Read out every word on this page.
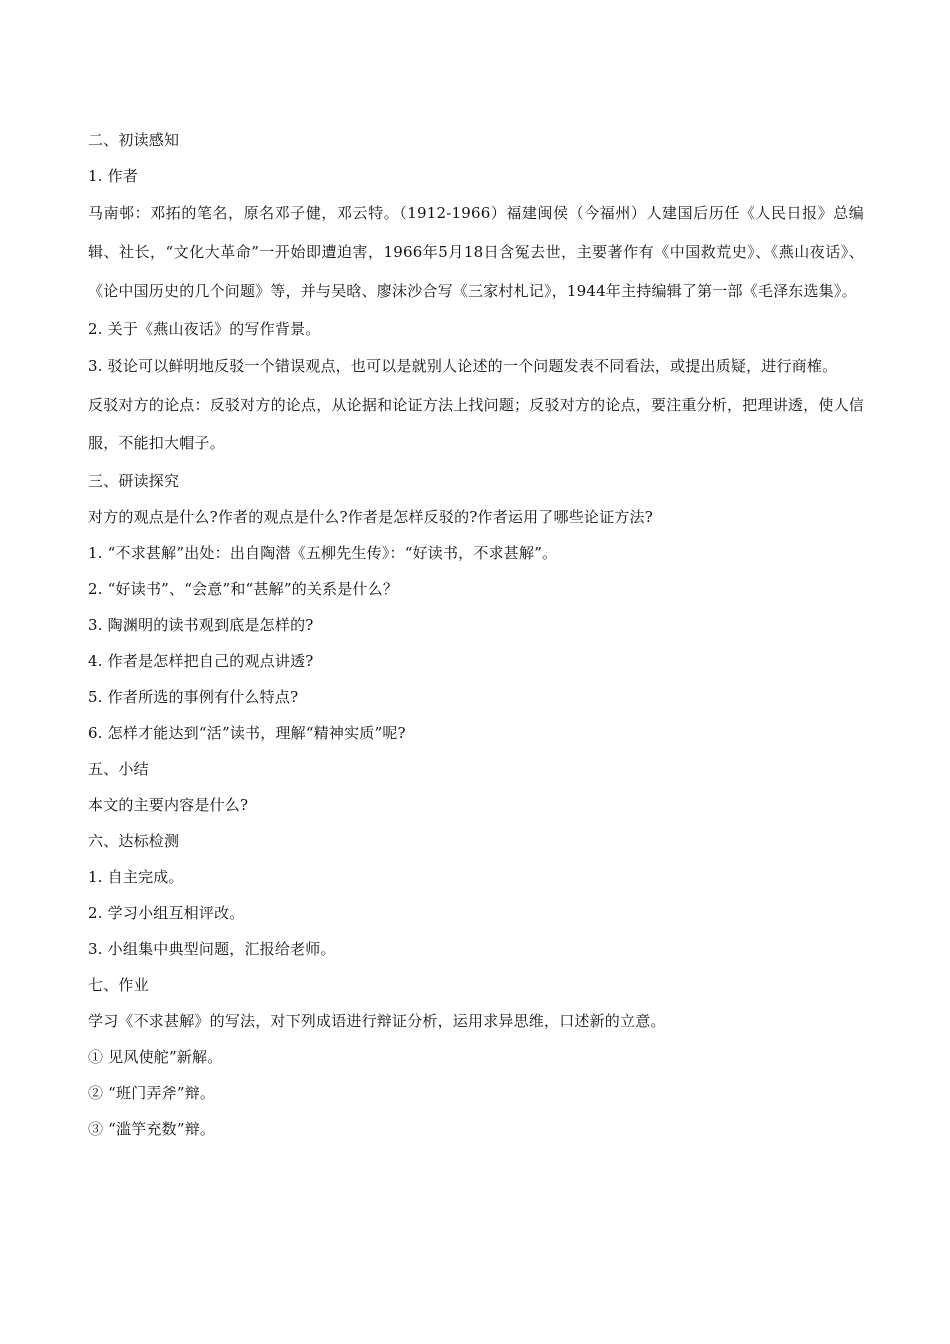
二、初读感知
1. 作者
马南邨：邓拓的笔名，原名邓子健，邓云特。（1912-1966）福建闽侯（今福州）人建国后历任《人民日报》总编辑、社长，“文化大革命”一开始即遭迫害，1966年5月18日含冤去世，主要著作有《中国救荒史》、《燕山夜话》、《论中国历史的几个问题》等，并与吴晗、廖沫沙合写《三家村札记》，1944年主持编辑了第一部《毛泽东选集》。
2. 关于《燕山夜话》的写作背景。
3. 驳论可以鲜明地反驳一个错误观点，也可以是就别人论述的一个问题发表不同看法，或提出质疑，进行商榷。
反驳对方的论点：反驳对方的论点，从论据和论证方法上找问题；反驳对方的论点，要注重分析，把理讲透，使人信服，不能扣大帽子。
三、研读探究
对方的观点是什么?作者的观点是什么?作者是怎样反驳的?作者运用了哪些论证方法?
1. “不求甚解”出处：出自陶潜《五柳先生传》：“好读书，不求甚解”。
2. “好读书”、“会意”和“甚解”的关系是什么？
3. 陶渊明的读书观到底是怎样的?
4. 作者是怎样把自己的观点讲透?
5. 作者所选的事例有什么特点?
6. 怎样才能达到“活”读书，理解“精神实质”呢?
五、小结
本文的主要内容是什么?
六、达标检测
1. 自主完成。
2. 学习小组互相评改。
3. 小组集中典型问题，汇报给老师。
七、作业
学习《不求甚解》的写法，对下列成语进行辩证分析，运用求异思维，口述新的立意。
① 见风使舵”新解。
② “班门弄斧”辩。
③ “滥竽充数”辩。
